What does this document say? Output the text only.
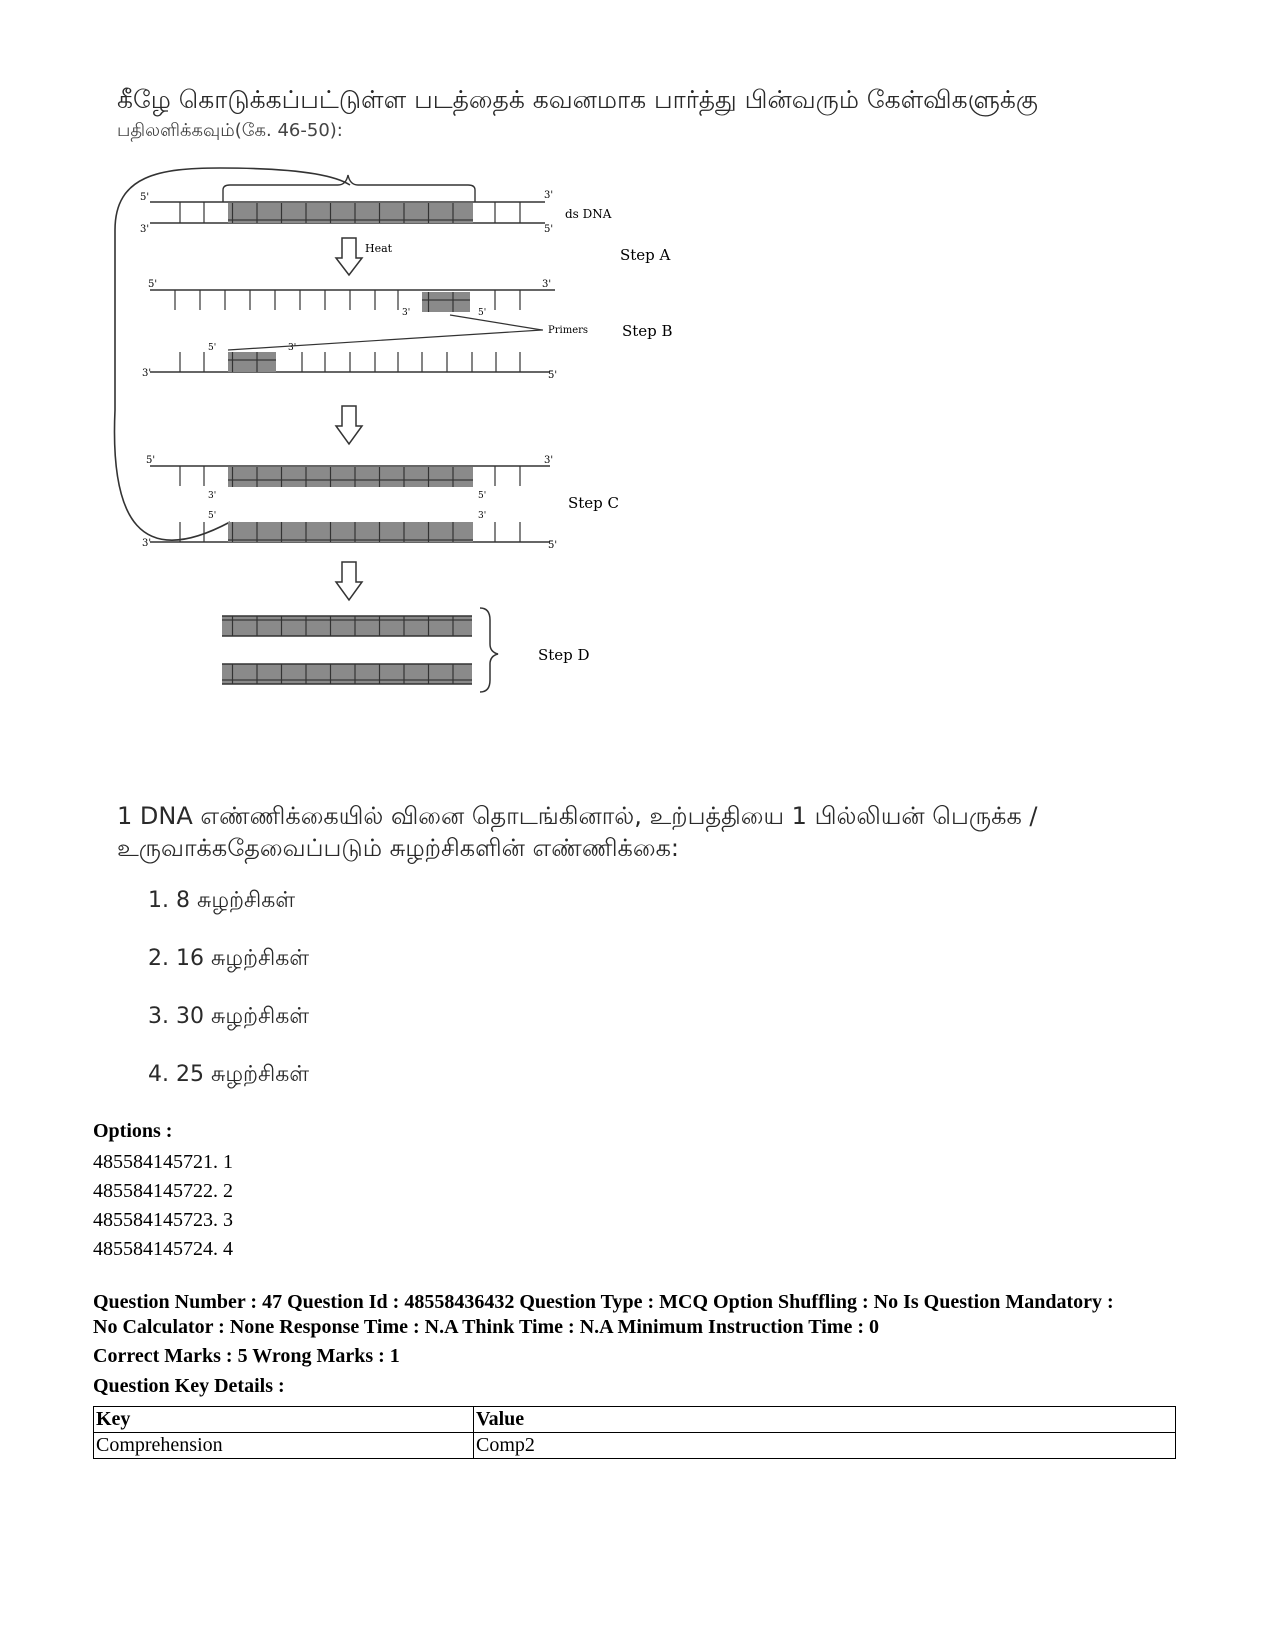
கீழே கொடுக்கப்பட்டுள்ள படத்தைக் கவனமாக பார்த்து பின்வரும் கேள்விகளுக்கு
பதிலளிக்கவும்(கே. 46-50):
5'
3'
3'
5'
ds DNA
Heat	Step A
5'	3'
3'	5'
Primers Step B
5'	3'
3'	5'
5'	3'
3'	5'	Step C
5'	3'
3'	5'
Step D
1 DNA எண்ணிக்கையில் வினை தொடங்கினால், உற்பத்தியை 1 பில்லியன் பெருக்க / உருவாக்கதேவைப்படும் சுழற்சிகளின் எண்ணிக்கை:
1. 8 சுழற்சிகள்
2. 16 சுழற்சிகள்
3. 30 சுழற்சிகள்
4. 25 சுழற்சிகள்
Options :
485584145721. 1
485584145722. 2
485584145723. 3
485584145724. 4
Question Number : 47 Question Id : 48558436432 Question Type : MCQ Option Shuffling : No Is Question Mandatory :
No Calculator : None Response Time : N.A Think Time : N.A Minimum Instruction Time : 0
Correct Marks : 5 Wrong Marks : 1
Question Key Details :
Key	Value
Comprehension	Comp2
